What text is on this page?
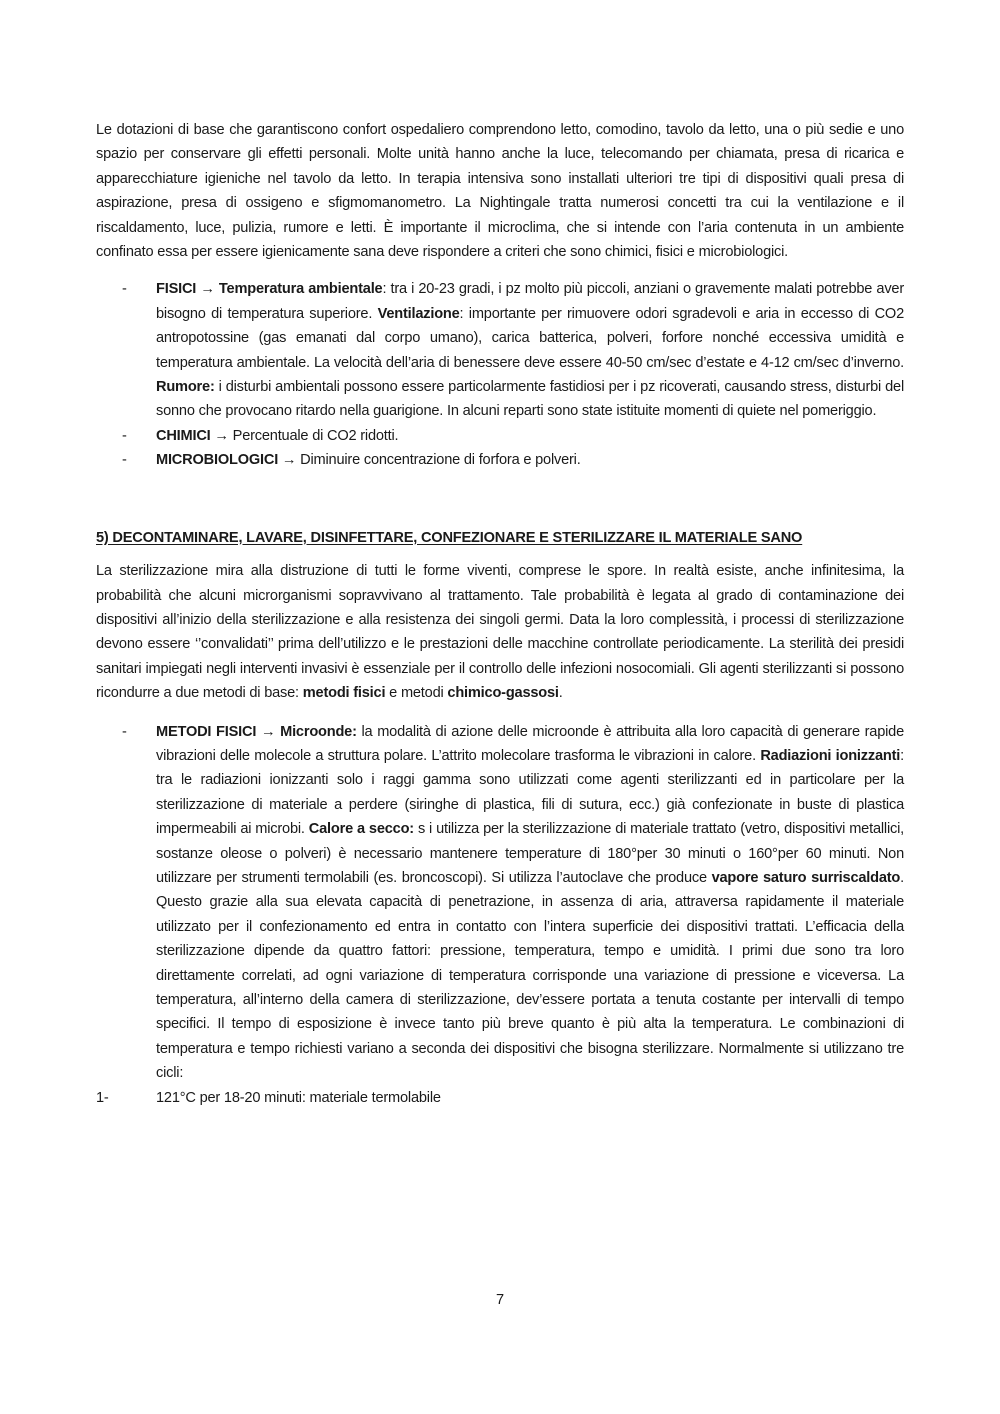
Le dotazioni di base che garantiscono confort ospedaliero comprendono letto, comodino, tavolo da letto, una o più sedie e uno spazio per conservare gli effetti personali. Molte unità hanno anche la luce, telecomando per chiamata, presa di ricarica e apparecchiature igieniche nel tavolo da letto. In terapia intensiva sono installati ulteriori tre tipi di dispositivi quali presa di aspirazione, presa di ossigeno e sfigmomanometro. La Nightingale tratta numerosi concetti tra cui la ventilazione e il riscaldamento, luce, pulizia, rumore e letti. È importante il microclima, che si intende con l’aria contenuta in un ambiente confinato essa per essere igienicamente sana deve rispondere a criteri che sono chimici, fisici e microbiologici.

- FISICI → Temperatura ambientale: tra i 20-23 gradi, i pz molto più piccoli, anziani o gravemente malati potrebbe aver bisogno di temperatura superiore. Ventilazione: importante per rimuovere odori sgradevoli e aria in eccesso di CO2 antropotossine (gas emanati dal corpo umano), carica batterica, polveri, forfore nonché eccessiva umidità e temperatura ambientale. La velocità dell’aria di benessere deve essere 40-50 cm/sec d’estate e 4-12 cm/sec d’inverno. Rumore: i disturbi ambientali possono essere particolarmente fastidiosi per i pz ricoverati, causando stress, disturbi del sonno che provocano ritardo nella guarigione. In alcuni reparti sono state istituite momenti di quiete nel pomeriggio.
- CHIMICI → Percentuale di CO2 ridotti.
- MICROBIOLOGICI → Diminuire concentrazione di forfora e polveri.

5) DECONTAMINARE, LAVARE, DISINFETTARE, CONFEZIONARE E STERILIZZARE IL MATERIALE SANO

La sterilizzazione mira alla distruzione di tutti le forme viventi, comprese le spore. In realtà esiste, anche infinitesima, la probabilità che alcuni microrganismi sopravvivano al trattamento. Tale probabilità è legata al grado di contaminazione dei dispositivi all’inizio della sterilizzazione e alla resistenza dei singoli germi. Data la loro complessità, i processi di sterilizzazione devono essere ‘’convalidati’’ prima dell’utilizzo e le prestazioni delle macchine controllate periodicamente. La sterilità dei presidi sanitari impiegati negli interventi invasivi è essenziale per il controllo delle infezioni nosocomiali. Gli agenti sterilizzanti si possono ricondurre a due metodi di base: metodi fisici e metodi chimico-gassosi.

- METODI FISICI → Microonde: la modalità di azione delle microonde è attribuita alla loro capacità di generare rapide vibrazioni delle molecole a struttura polare. L’attrito molecolare trasforma le vibrazioni in calore. Radiazioni ionizzanti: tra le radiazioni ionizzanti solo i raggi gamma sono utilizzati come agenti sterilizzanti ed in particolare per la sterilizzazione di materiale a perdere (siringhe di plastica, fili di sutura, ecc.) già confezionate in buste di plastica impermeabili ai microbi. Calore a secco: s i utilizza per la sterilizzazione di materiale trattato (vetro, dispositivi metallici, sostanze oleose o polveri) è necessario mantenere temperature di 180°per 30 minuti o 160°per 60 minuti. Non utilizzare per strumenti termolabili (es. broncoscopi). Si utilizza l’autoclave che produce vapore saturo surriscaldato. Questo grazie alla sua elevata capacità di penetrazione, in assenza di aria, attraversa rapidamente il materiale utilizzato per il confezionamento ed entra in contatto con l’intera superficie dei dispositivi trattati. L’efficacia della sterilizzazione dipende da quattro fattori: pressione, temperatura, tempo e umidità. I primi due sono tra loro direttamente correlati, ad ogni variazione di temperatura corrisponde una variazione di pressione e viceversa. La temperatura, all’interno della camera di sterilizzazione, dev’essere portata a tenuta costante per intervalli di tempo specifici. Il tempo di esposizione è invece tanto più breve quanto è più alta la temperatura. Le combinazioni di temperatura e tempo richiesti variano a seconda dei dispositivi che bisogna sterilizzare. Normalmente si utilizzano tre cicli:
1-	121°C per 18-20 minuti: materiale termolabile
7
